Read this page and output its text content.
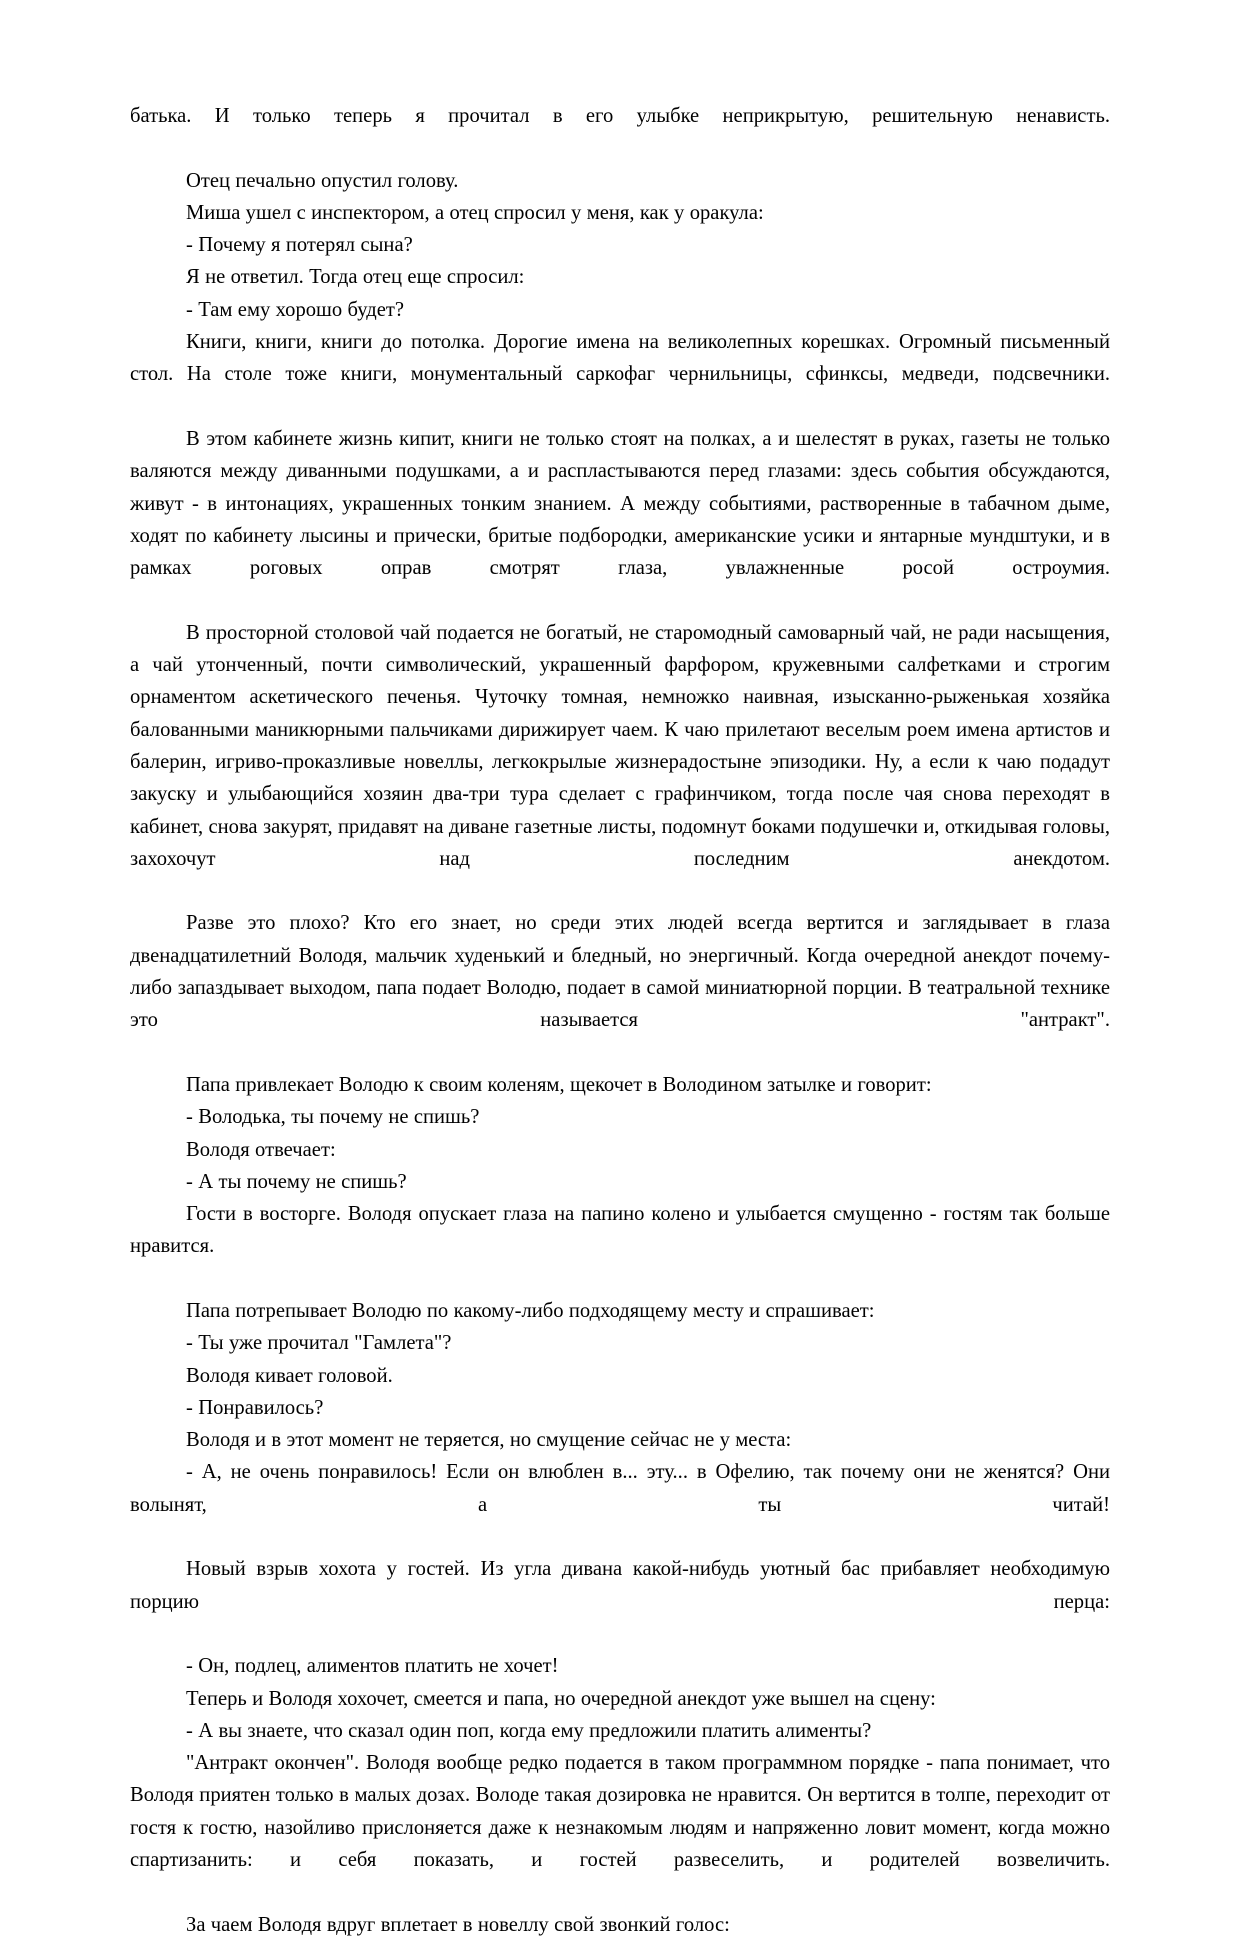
батька. И только теперь я прочитал в его улыбке неприкрытую, решительную ненависть.

Отец печально опустил голову.

Миша ушел с инспектором, а отец спросил у меня, как у оракула:

- Почему я потерял сына?

Я не ответил. Тогда отец еще спросил:

- Там ему хорошо будет?

Книги, книги, книги до потолка. Дорогие имена на великолепных корешках. Огромный письменный стол. На столе тоже книги, монументальный саркофаг чернильницы, сфинксы, медведи, подсвечники.

В этом кабинете жизнь кипит, книги не только стоят на полках, а и шелестят в руках, газеты не только валяются между диванными подушками, а и распластываются перед глазами: здесь события обсуждаются, живут - в интонациях, украшенных тонким знанием. А между событиями, растворенные в табачном дыме, ходят по кабинету лысины и прически, бритые подбородки, американские усики и янтарные мундштуки, и в рамках роговых оправ смотрят глаза, увлажненные росой остроумия.

В просторной столовой чай подается не богатый, не старомодный самоварный чай, не ради насыщения, а чай утонченный, почти символический, украшенный фарфором, кружевными салфетками и строгим орнаментом аскетического печенья. Чуточку томная, немножко наивная, изысканно-рыженькая хозяйка балованными маникюрными пальчиками дирижирует чаем. К чаю прилетают веселым роем имена артистов и балерин, игриво-проказливые новеллы, легкокрылые жизнерадостыне эпизодики. Ну, а если к чаю подадут закуску и улыбающийся хозяин два-три тура сделает с графинчиком, тогда после чая снова переходят в кабинет, снова закурят, придавят на диване газетные листы, подомнут боками подушечки и, откидывая головы, захохочут над последним анекдотом.

Разве это плохо? Кто его знает, но среди этих людей всегда вертится и заглядывает в глаза двенадцатилетний Володя, мальчик худенький и бледный, но энергичный. Когда очередной анекдот почему-либо запаздывает выходом, папа подает Володю, подает в самой миниатюрной порции. В театральной технике это называется "антракт".

Папа привлекает Володю к своим коленям, щекочет в Володином затылке и говорит:

- Володька, ты почему не спишь?

Володя отвечает:

- А ты почему не спишь?

Гости в восторге. Володя опускает глаза на папино колено и улыбается смущенно - гостям так больше нравится.

Папа потрепывает Володю по какому-либо подходящему месту и спрашивает:

- Ты уже прочитал "Гамлета"?

Володя кивает головой.

- Понравилось?

Володя и в этот момент не теряется, но смущение сейчас не у места:

- А, не очень понравилось! Если он влюблен в... эту... в Офелию, так почему они не женятся? Они волынят, а ты читай!

Новый взрыв хохота у гостей. Из угла дивана какой-нибудь уютный бас прибавляет необходимую порцию перца:

- Он, подлец, алиментов платить не хочет!

Теперь и Володя хохочет, смеется и папа, но очередной анекдот уже вышел на сцену:

- А вы знаете, что сказал один поп, когда ему предложили платить алименты?

"Антракт окончен". Володя вообще редко подается в таком программном порядке - папа понимает, что Володя приятен только в малых дозах. Володе такая дозировка не нравится. Он вертится в толпе, переходит от гостя к гостю, назойливо прислоняется даже к незнакомым людям и напряженно ловит момент, когда можно спартизанить: и себя показать, и гостей развеселить, и родителей возвеличить.

За чаем Володя вдруг вплетает в новеллу свой звонкий голос:
